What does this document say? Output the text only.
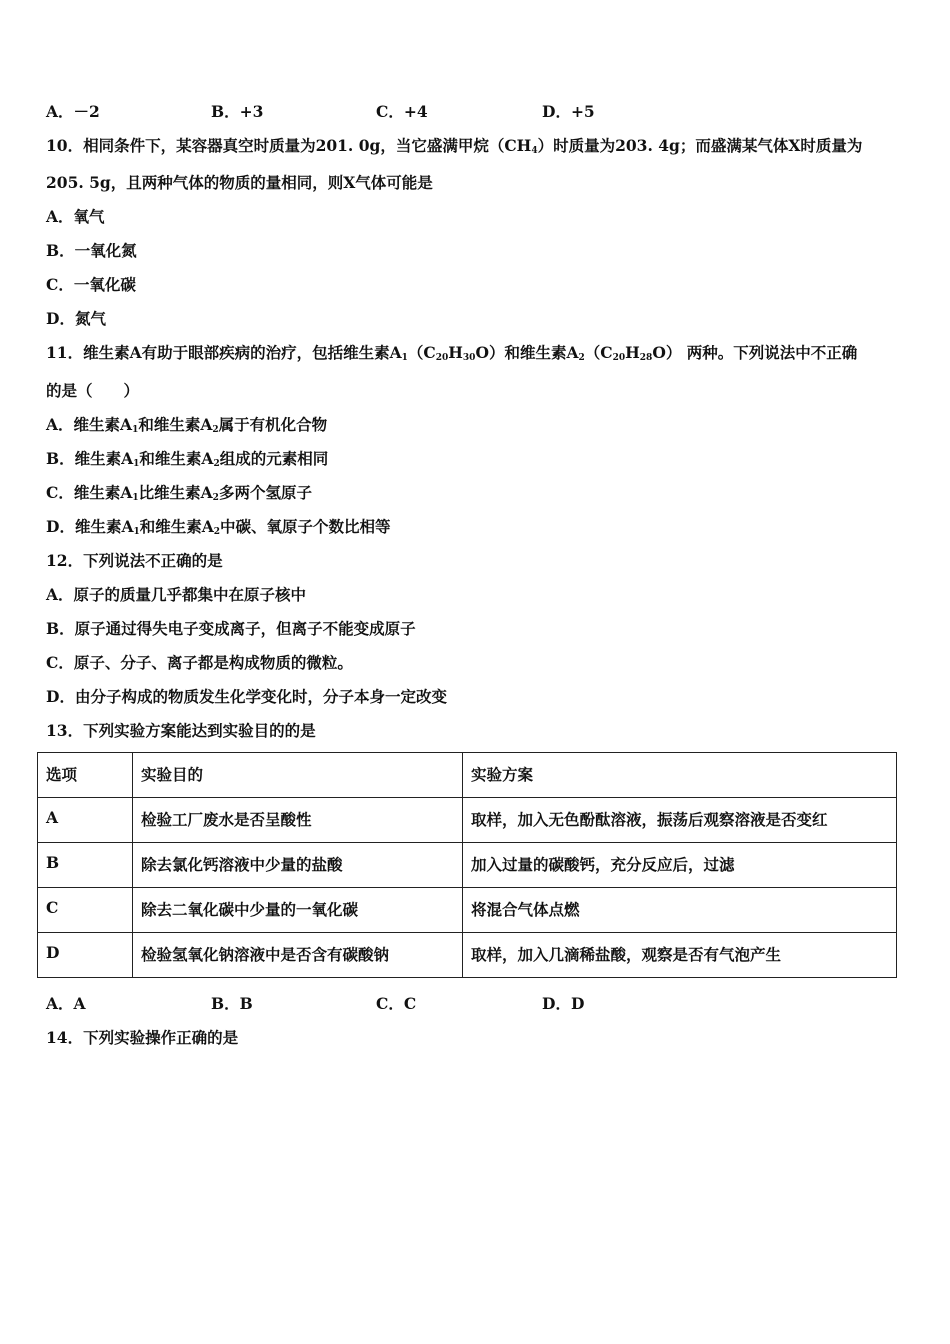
A．－2	B．+3	C．+4	D．+5
10．相同条件下，某容器真空时质量为201. 0g，当它盛满甲烷$(CH_4)$时质量为203. 4g；而盛满某气体X时质量为
205. 5g，且两种气体的物质的量相同，则X气体可能是
A．氧气
B．一氧化氮
C．一氧化碳
D．氮气
11．维生素A有助于眼部疾病的治疗，包括维生素$A_1(C_{20}H_{30}O)$和维生素$A_2(C_{20}H_{28}O)$ 两种。下列说法中不正确
的是（　　）
A．维生素$A_1$和维生素$A_2$属于有机化合物
B．维生素$A_1$和维生素$A_2$组成的元素相同
C．维生素$A_1$比维生素$A_2$多两个氢原子
D．维生素$A_1$和维生素$A_2$中碳、氧原子个数比相等
12．下列说法不正确的是
A．原子的质量几乎都集中在原子核中
B．原子通过得失电子变成离子，但离子不能变成原子
C．原子、分子、离子都是构成物质的微粒。
D．由分子构成的物质发生化学变化时，分子本身一定改变
13．下列实验方案能达到实验目的的是
选项	实验目的	实验方案
A	检验工厂废水是否呈酸性	取样，加入无色酚酞溶液，振荡后观察溶液是否变红
B	除去氯化钙溶液中少量的盐酸	加入过量的碳酸钙，充分反应后，过滤
C	除去二氧化碳中少量的一氧化碳	将混合气体点燃
D	检验氢氧化钠溶液中是否含有碳酸钠	取样，加入几滴稀盐酸，观察是否有气泡产生
A．A	B．B	C．C	D．D
14．下列实验操作正确的是
